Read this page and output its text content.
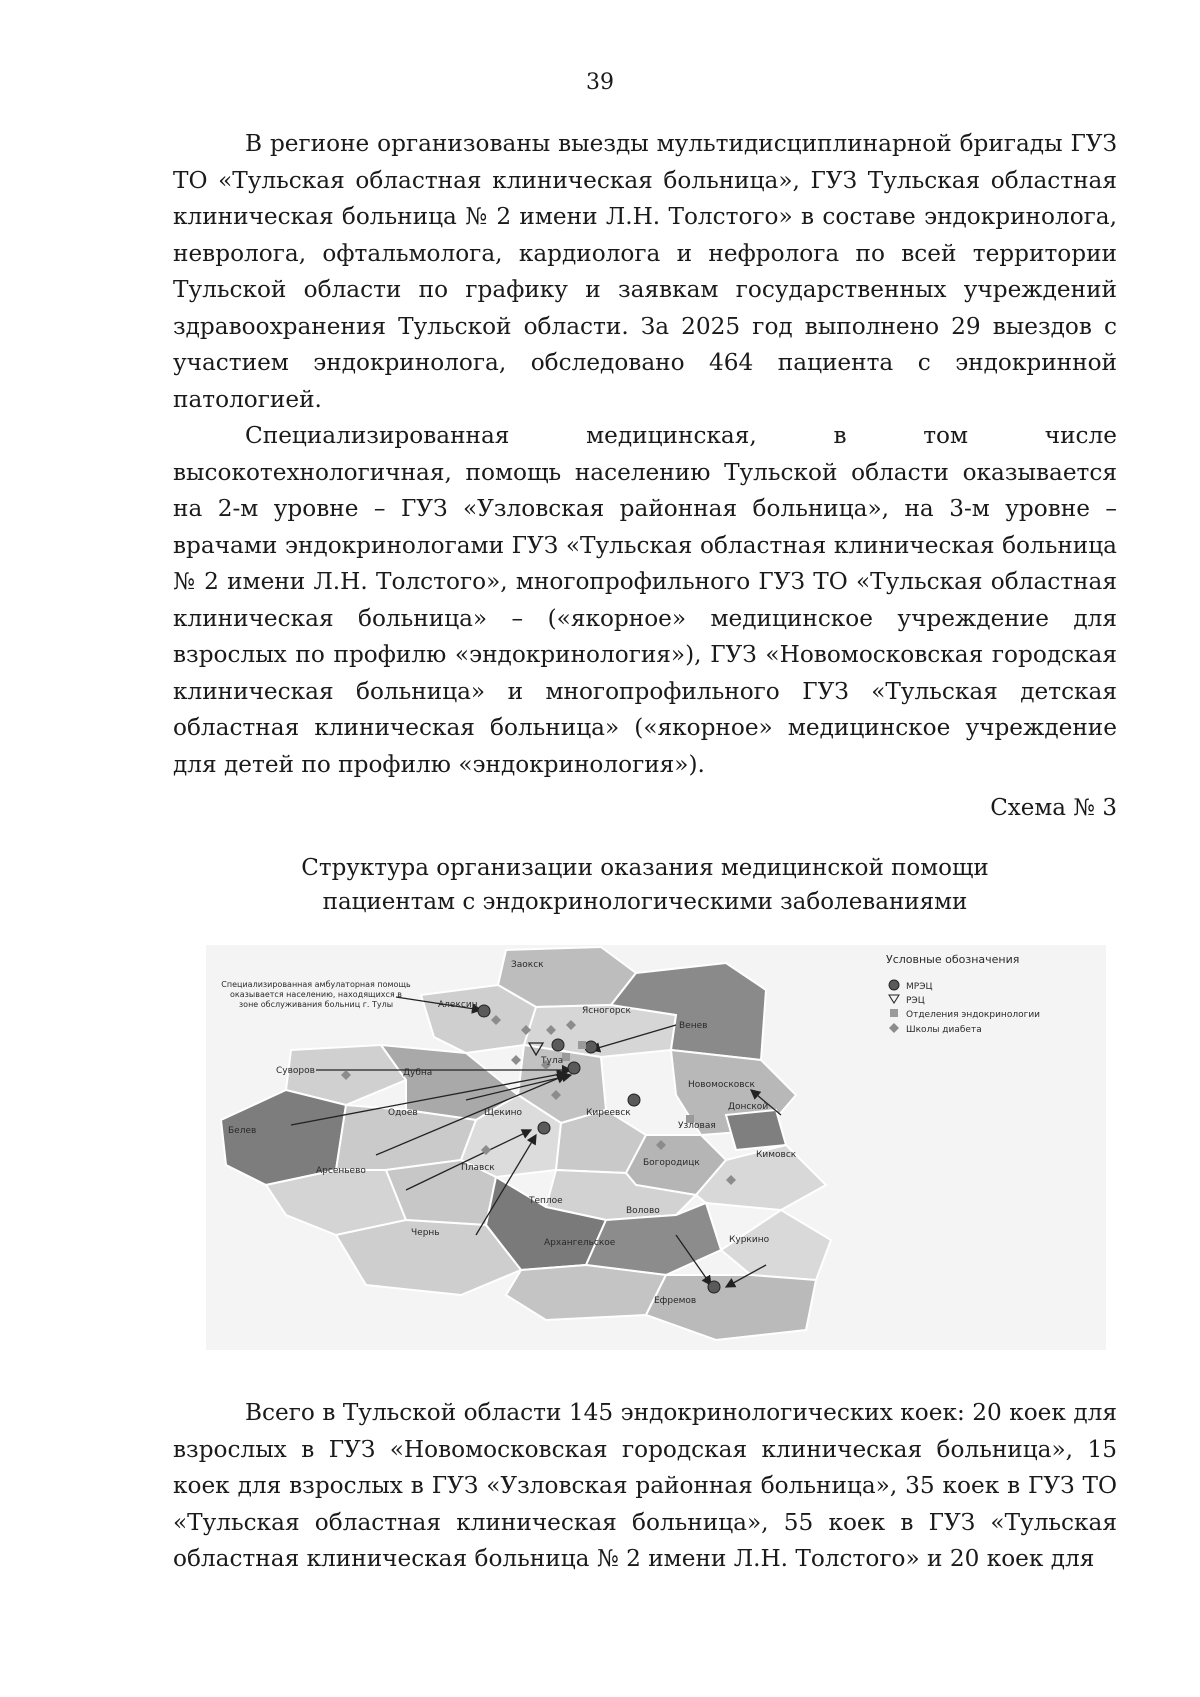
39

В регионе организованы выезды мультидисциплинарной бригады ГУЗ ТО «Тульская областная клиническая больница», ГУЗ Тульская областная клиническая больница № 2 имени Л.Н. Толстого» в составе эндокринолога, невролога, офтальмолога, кардиолога и нефролога по всей территории Тульской области по графику и заявкам государственных учреждений здравоохранения Тульской области. За 2025 год выполнено 29 выездов с участием эндокринолога, обследовано 464 пациента с эндокринной патологией.

Специализированная медицинская, в том числе высокотехнологичная, помощь населению Тульской области оказывается на 2-м уровне – ГУЗ «Узловская районная больница», на 3-м уровне – врачами эндокринологами ГУЗ «Тульская областная клиническая больница № 2 имени Л.Н. Толстого», многопрофильного ГУЗ ТО «Тульская областная клиническая больница» – («якорное» медицинское учреждение для взрослых по профилю «эндокринология»), ГУЗ «Новомосковская городская клиническая больница» и многопрофильного ГУЗ «Тульская детская областная клиническая больница» («якорное» медицинское учреждение для детей по профилю «эндокринология»).

Схема № 3
Структура организации оказания медицинской помощи
пациентам с эндокринологическими заболеваниями
Специализированная амбулаторная помощь
оказывается населению, находящихся в
зоне обслуживания больниц г. Тулы
Заокск
Алексин
Ясногорск
Венев
Тула
Суворов	Дубна
Новомосковск
Донской
Белев
Одоев	Щекино	Киреевск
Узловая
Кимовск
Арсеньево	Плавск	Богородицк
Теплое
Волово
Куркино
Чернь
Архангельское
Ефремов
Условные обозначения
МРЭЦ
РЭЦ
Отделения эндокринологии
Школы диабета

Всего в Тульской области 145 эндокринологических коек: 20 коек для взрослых в ГУЗ «Новомосковская городская клиническая больница», 15 коек для взрослых в ГУЗ «Узловская районная больница», 35 коек в ГУЗ ТО «Тульская областная клиническая больница», 55 коек в ГУЗ «Тульская областная клиническая больница № 2 имени Л.Н. Толстого» и 20 коек для
